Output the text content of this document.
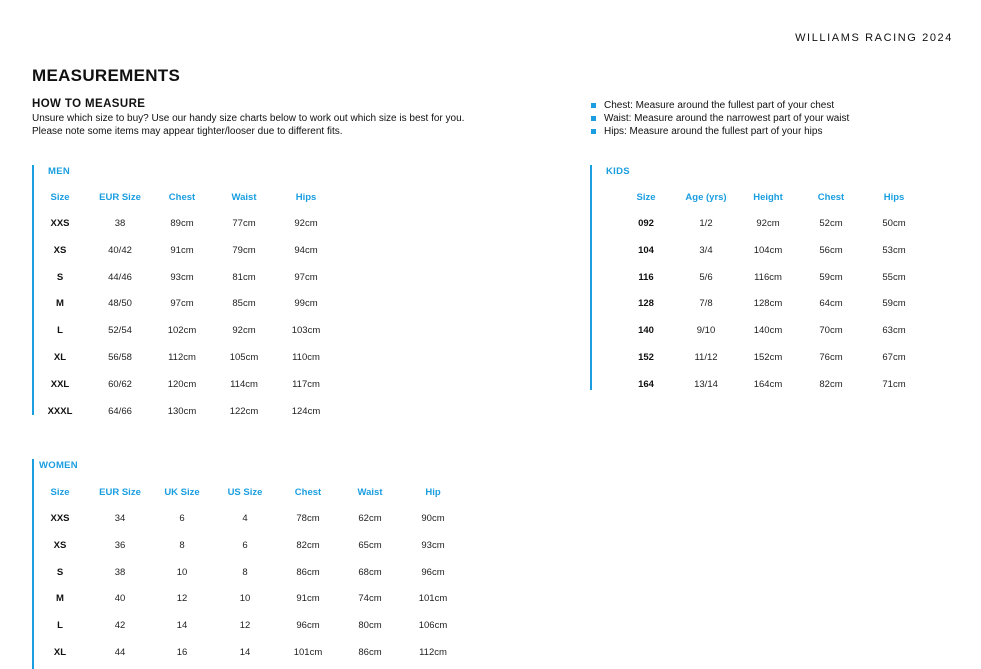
WILLIAMS RACING 2024
MEASUREMENTS
HOW TO MEASURE
Unsure which size to buy? Use our handy size charts below to work out which size is best for you.
Please note some items may appear tighter/looser due to different fits.
Chest: Measure around the fullest part of your chest
Waist: Measure around the narrowest part of your waist
Hips: Measure around the fullest part of your hips
MEN
Size	EUR Size	Chest	Waist	Hips
XXS	38	89cm	77cm	92cm
XS	40/42	91cm	79cm	94cm
S	44/46	93cm	81cm	97cm
M	48/50	97cm	85cm	99cm
L	52/54	102cm	92cm	103cm
XL	56/58	112cm	105cm	110cm
XXL	60/62	120cm	114cm	117cm
XXXL	64/66	130cm	122cm	124cm
KIDS
Size	Age (yrs)	Height	Chest	Hips
092	1/2	92cm	52cm	50cm
104	3/4	104cm	56cm	53cm
116	5/6	116cm	59cm	55cm
128	7/8	128cm	64cm	59cm
140	9/10	140cm	70cm	63cm
152	11/12	152cm	76cm	67cm
164	13/14	164cm	82cm	71cm
WOMEN
Size	EUR Size	UK Size	US Size	Chest	Waist	Hip
XXS	34	6	4	78cm	62cm	90cm
XS	36	8	6	82cm	65cm	93cm
S	38	10	8	86cm	68cm	96cm
M	40	12	10	91cm	74cm	101cm
L	42	14	12	96cm	80cm	106cm
XL	44	16	14	101cm	86cm	112cm
